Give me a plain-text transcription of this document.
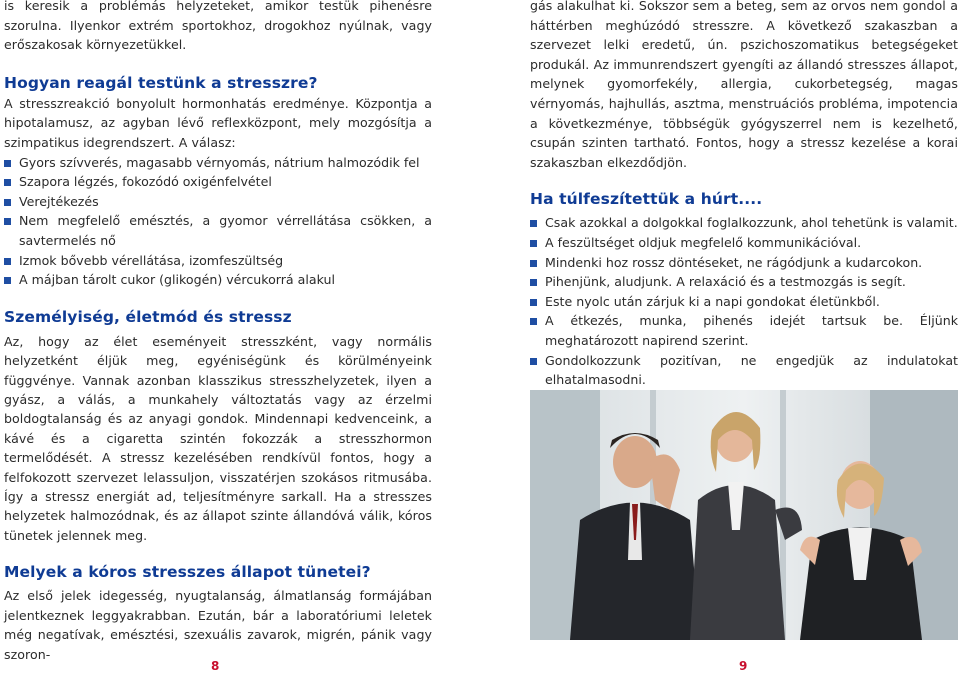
is keresik a problémás helyzeteket, amikor testük pihenésre szorulna. Ilyenkor extrém sportokhoz, drogokhoz nyúlnak, vagy erőszakosak környezetükkel.

Hogyan reagál testünk a stresszre?

A stresszreakció bonyolult hormonhatás eredménye. Központja a hipotalamusz, az agyban lévő reflexközpont, mely mozgósítja a szimpatikus idegrendszert. A válasz:

Gyors szívverés, magasabb vérnyomás, nátrium halmozódik fel
Szapora légzés, fokozódó oxigénfelvétel
Verejtékezés
Nem megfelelő emésztés, a gyomor vérrellátása csökken, a savtermelés nő
Izmok bővebb vérellátása, izomfeszültség
A májban tárolt cukor (glikogén) vércukorrá alakul
Személyiség, életmód és stressz

Az, hogy az élet eseményeit stresszként, vagy normális helyzetként éljük meg, egyéniségünk és körülményeink függvénye. Vannak azonban klasszikus stresszhelyzetek, ilyen a gyász, a válás, a munkahely változtatás vagy az érzelmi boldogtalanság és az anyagi gondok. Mindennapi kedvenceink, a kávé és a cigaretta szintén fokozzák a stresszhormon termelődését. A stressz kezelésében rendkívül fontos, hogy a felfokozott szervezet lelassuljon, visszatérjen szokásos ritmusába. Így a stressz energiát ad, teljesítményre sarkall. Ha a stresszes helyzetek halmozódnak, és az állapot szinte állandóvá válik, kóros tünetek jelennek meg.

Melyek a kóros stresszes állapot tünetei?

Az első jelek idegesség, nyugtalanság, álmatlanság formájában jelentkeznek leggyakrabban. Ezután, bár a laboratóriumi leletek még negatívak, emésztési, szexuális zavarok, migrén, pánik vagy szoron-

gás alakulhat ki. Sokszor sem a beteg, sem az orvos nem gondol a háttérben meghúzódó stresszre. A következő szakaszban a szervezet lelki eredetű, ún. pszichoszomatikus betegségeket produkál. Az immunrendszert gyengíti az állandó stresszes állapot, melynek gyomorfekély, allergia, cukorbetegség, magas vérnyomás, hajhullás, asztma, menstruációs probléma, impotencia a következménye, többségük gyógyszerrel nem is kezelhető, csupán szinten tartható. Fontos, hogy a stressz kezelése a korai szakaszban elkezdődjön.

Ha túlfeszítettük a húrt....
Csak azokkal a dolgokkal foglalkozzunk, ahol tehetünk is valamit.
A feszültséget oldjuk megfelelő kommunikációval.
Mindenki hoz rossz döntéseket, ne rágódjunk a kudarcokon.
Pihenjünk, aludjunk. A relaxáció és a testmozgás is segít.
Este nyolc után zárjuk ki a napi gondokat életünkből.
A étkezés, munka, pihenés idejét tartsuk be. Éljünk meghatározott napirend szerint.
Gondolkozzunk pozitívan, ne engedjük az indulatokat elhatalmasodni.
8	9
